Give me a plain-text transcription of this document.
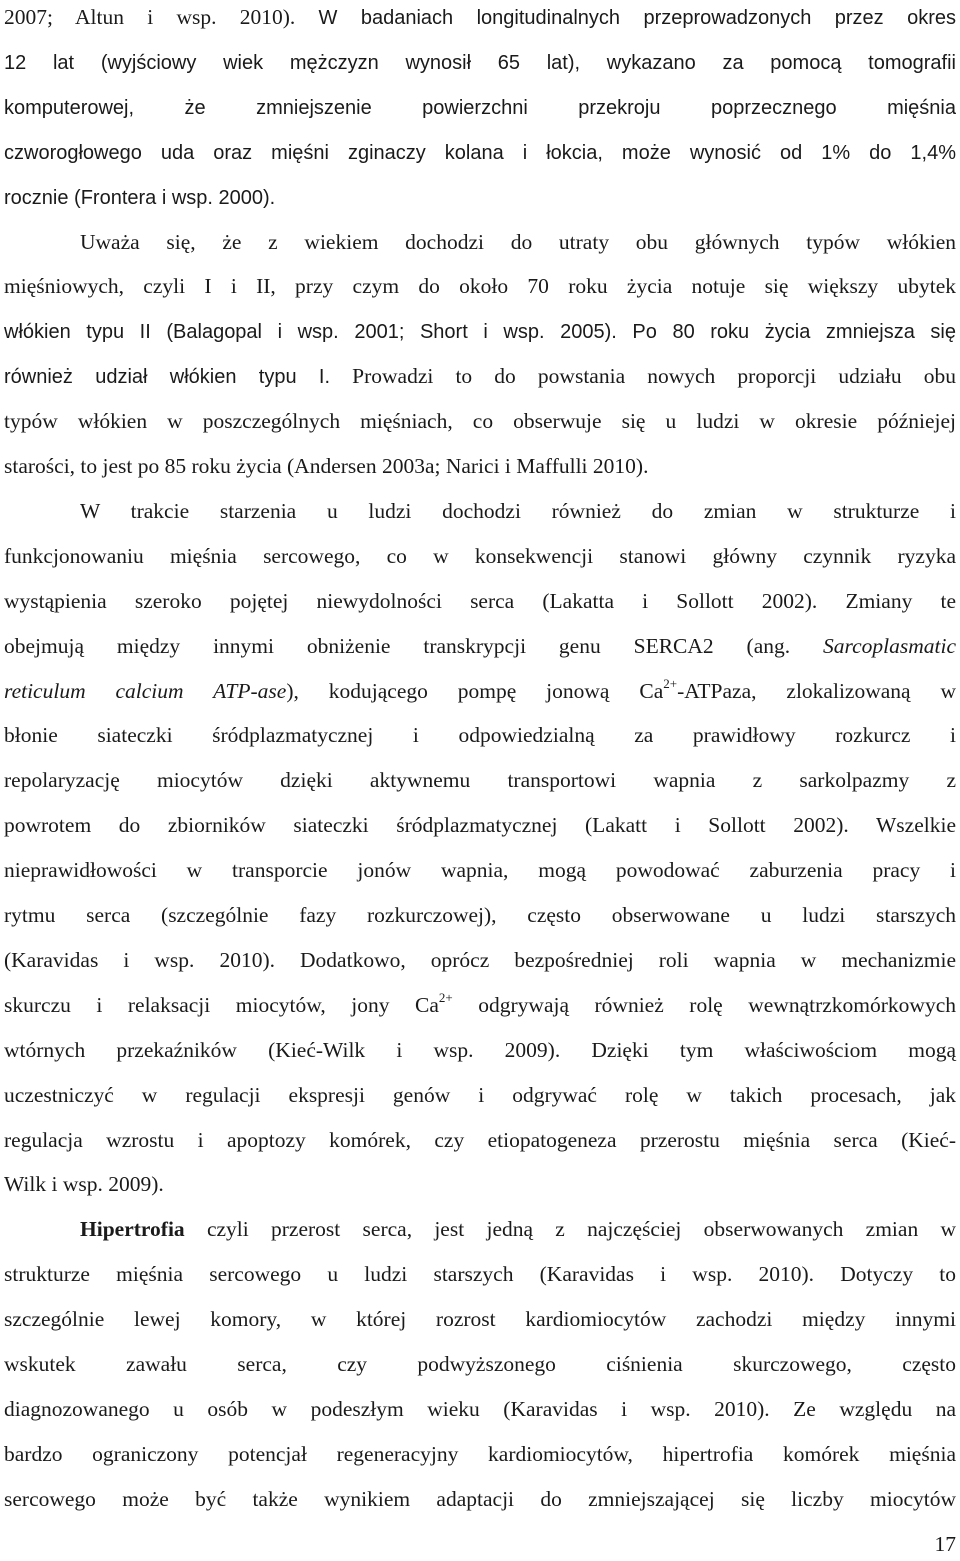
2007; Altun i wsp. 2010). W badaniach longitudinalnych przeprowadzonych przez okres
12 lat (wyjściowy wiek mężczyzn wynosił 65 lat), wykazano za pomocą tomografii
komputerowej, że zmniejszenie powierzchni przekroju poprzecznego mięśnia
czworogłowego uda oraz mięśni zginaczy kolana i łokcia, może wynosić od 1% do 1,4%
rocznie (Frontera i wsp. 2000).
Uważa się, że z wiekiem dochodzi do utraty obu głównych typów włókien
mięśniowych, czyli I i II, przy czym do około 70 roku życia notuje się większy ubytek
włókien typu II (Balagopal i wsp. 2001; Short i wsp. 2005). Po 80 roku życia zmniejsza się
również udział włókien typu I. Prowadzi to do powstania nowych proporcji udziału obu
typów włókien w poszczególnych mięśniach, co obserwuje się u ludzi w okresie późniejej
starości, to jest po 85 roku życia (Andersen 2003a; Narici i Maffulli 2010).
W trakcie starzenia u ludzi dochodzi również do zmian w strukturze i
funkcjonowaniu mięśnia sercowego, co w konsekwencji stanowi główny czynnik ryzyka
wystąpienia szeroko pojętej niewydolności serca (Lakatta i Sollott 2002). Zmiany te
obejmują między innymi obniżenie transkrypcji genu SERCA2 (ang. Sarcoplasmatic
reticulum calcium ATP-ase), kodującego pompę jonową $Ca^{2+}$-ATPaza, zlokalizowaną w
błonie siateczki śródplazmatycznej i odpowiedzialną za prawidłowy rozkurcz i
repolaryzację miocytów dzięki aktywnemu transportowi wapnia z sarkolpazmy z
powrotem do zbiorników siateczki śródplazmatycznej (Lakatt i Sollott 2002). Wszelkie
nieprawidłowości w transporcie jonów wapnia, mogą powodować zaburzenia pracy i
rytmu serca (szczególnie fazy rozkurczowej), często obserwowane u ludzi starszych
(Karavidas i wsp. 2010). Dodatkowo, oprócz bezpośredniej roli wapnia w mechanizmie
skurczu i relaksacji miocytów, jony $Ca^{2+}$ odgrywają również rolę wewnątrzkomórkowych
wtórnych przekaźników (Kieć-Wilk i wsp. 2009). Dzięki tym właściwościom mogą
uczestniczyć w regulacji ekspresji genów i odgrywać rolę w takich procesach, jak
regulacja wzrostu i apoptozy komórek, czy etiopatogeneza przerostu mięśnia serca (Kieć-
Wilk i wsp. 2009).
Hipertrofia czyli przerost serca, jest jedną z najczęściej obserwowanych zmian w
strukturze mięśnia sercowego u ludzi starszych (Karavidas i wsp. 2010). Dotyczy to
szczególnie lewej komory, w której rozrost kardiomiocytów zachodzi między innymi
wskutek zawału serca, czy podwyższonego ciśnienia skurczowego, często
diagnozowanego u osób w podeszłym wieku (Karavidas i wsp. 2010). Ze względu na
bardzo ograniczony potencjał regeneracyjny kardiomiocytów, hipertrofia komórek mięśnia
sercowego może być także wynikiem adaptacji do zmniejszającej się liczby miocytów
17
